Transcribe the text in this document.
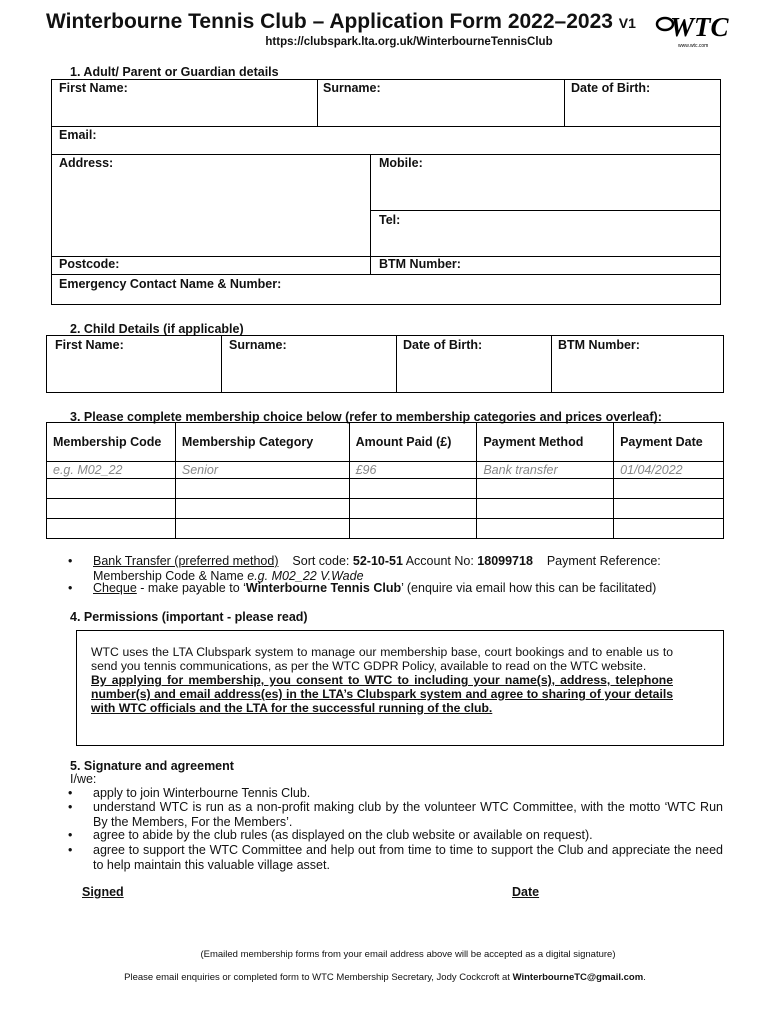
Winterbourne Tennis Club – Application Form 2022–2023 V1
https://clubspark.lta.org.uk/WinterbourneTennisClub	WTC
www.wtc.com
1. Adult/ Parent or Guardian details
First Name:	Surname:	Date of Birth:
Email:
Address:	Mobile:
Tel:
Postcode:	BTM Number:
Emergency Contact Name & Number:
2. Child Details (if applicable)
First Name:	Surname:	Date of Birth:	BTM Number:
3. Please complete membership choice below (refer to membership categories and prices overleaf):
Membership Code	Membership Category	Amount Paid (£)	Payment Method	Payment Date
e.g. M02_22	Senior	£96	Bank transfer	01/04/2022

• Bank Transfer (preferred method) Sort code: 52-10-51 Account No: 18099718 Payment Reference: Membership Code & Name e.g. M02_22 V.Wade
• Cheque - make payable to ‘Winterbourne Tennis Club’ (enquire via email how this can be facilitated)
4. Permissions (important - please read)
WTC uses the LTA Clubspark system to manage our membership base, court bookings and to enable us to send you tennis communications, as per the WTC GDPR Policy, available to read on the WTC website.
By applying for membership, you consent to WTC to including your name(s), address, telephone number(s) and email address(es) in the LTA’s Clubspark system and agree to sharing of your details with WTC officials and the LTA for the successful running of the club.
5. Signature and agreement
I/we:
• apply to join Winterbourne Tennis Club.
• understand WTC is run as a non-profit making club by the volunteer WTC Committee, with the motto ‘WTC Run By the Members, For the Members’.
• agree to abide by the club rules (as displayed on the club website or available on request).
• agree to support the WTC Committee and help out from time to time to support the Club and appreciate the need to help maintain this valuable village asset.
Signed	Date
(Emailed membership forms from your email address above will be accepted as a digital signature)
Please email enquiries or completed form to WTC Membership Secretary, Jody Cockcroft at WinterbourneTC@gmail.com.
